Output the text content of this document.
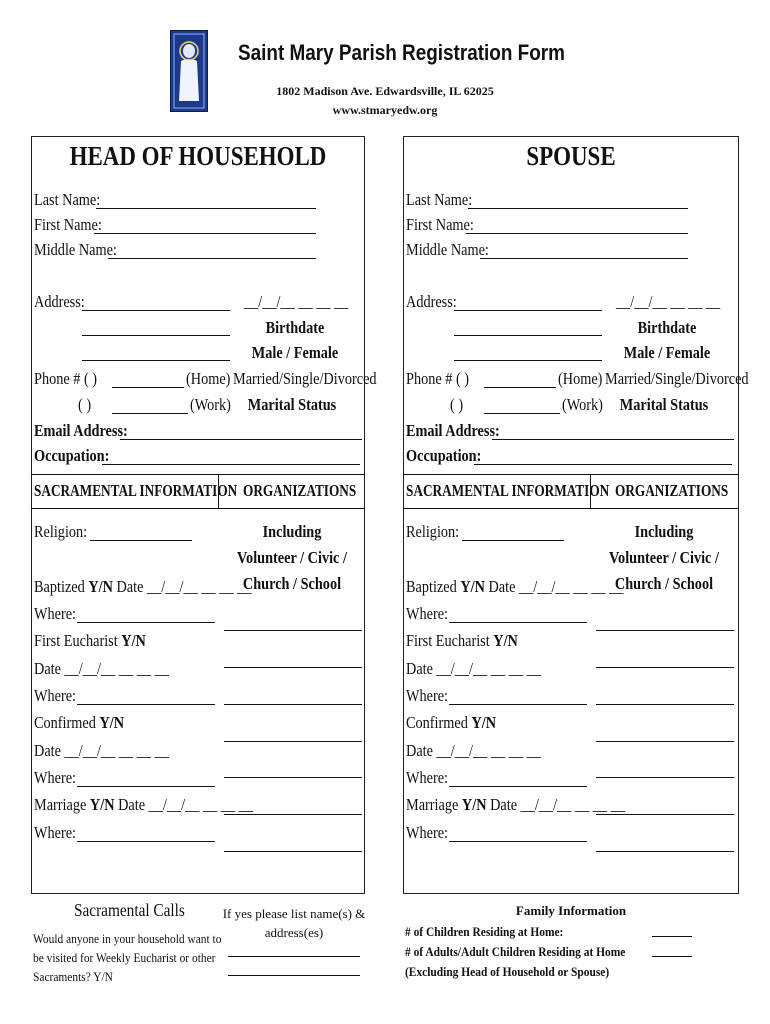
Saint Mary Parish Registration Form
1802 Madison Ave. Edwardsville, IL 62025
www.stmaryedw.org
HEAD OF HOUSEHOLD
Last Name:
First Name:
Middle Name:
Address:	__/__/__ __ __ __
Birthdate
Male / Female
Phone # ( )	(Home) Married/Single/Divorced
( )	(Work) Marital Status
Email Address:
Occupation:
SACRAMENTAL INFORMATION ORGANIZATIONS
Religion:	Including
Volunteer / Civic /
Church / School
Baptized Y/N Date __/__/__ __ __ __
Where:
First Eucharist Y/N
Date __/__/__ __ __ __
Where:
Confirmed Y/N
Date __/__/__ __ __ __
Where:
Marriage Y/N Date __/__/__ __ __ __
Where:
SPOUSE
Last Name:
First Name:
Middle Name:
Address:	__/__/__ __ __ __
Birthdate
Male / Female
Phone # ( )	(Home) Married/Single/Divorced
( )	(Work) Marital Status
Email Address:
Occupation:
SACRAMENTAL INFORMATION ORGANIZATIONS
Religion:	Including
Volunteer / Civic /
Church / School
Baptized Y/N Date __/__/__ __ __ __
Where:
First Eucharist Y/N
Date __/__/__ __ __ __
Where:
Confirmed Y/N
Date __/__/__ __ __ __
Where:
Marriage Y/N Date __/__/__ __ __ __
Where:
Sacramental Calls
Would anyone in your household want to
be visited for Weekly Eucharist or other
Sacraments? Y/N
If yes please list name(s) &
address(es)
Family Information
# of Children Residing at Home:
# of Adults/Adult Children Residing at Home
(Excluding Head of Household or Spouse)
